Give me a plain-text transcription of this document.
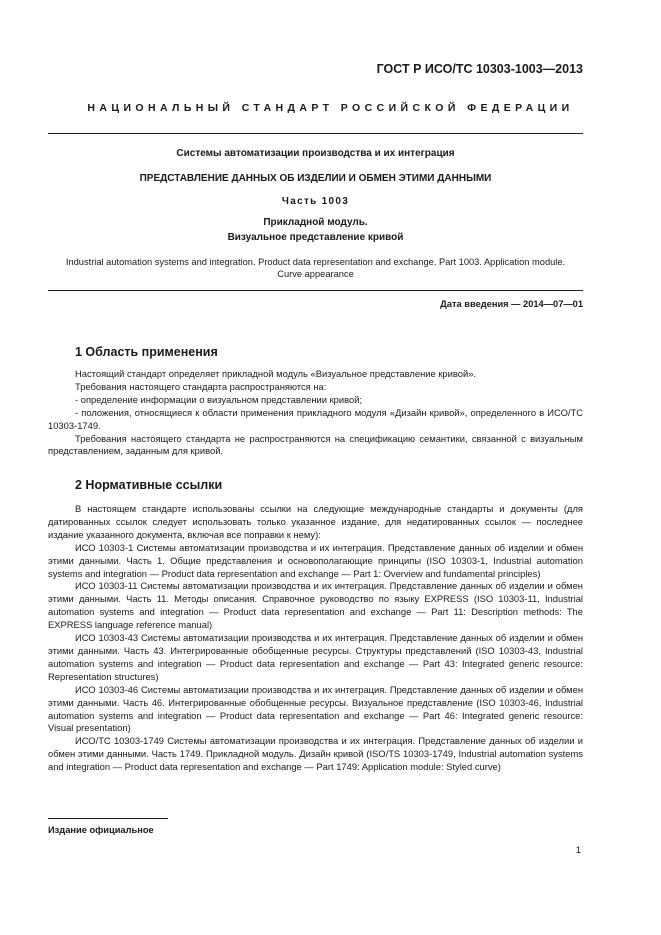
ГОСТ Р ИСО/ТС 10303-1003—2013
НАЦИОНАЛЬНЫЙ СТАНДАРТ РОССИЙСКОЙ ФЕДЕРАЦИИ
Системы автоматизации производства и их интеграция
ПРЕДСТАВЛЕНИЕ ДАННЫХ ОБ ИЗДЕЛИИ И ОБМЕН ЭТИМИ ДАННЫМИ
Часть 1003
Прикладной модуль.
Визуальное представление кривой
Industrial automation systems and integration. Product data representation and exchange. Part 1003. Application module. Curve appearance
Дата введения — 2014—07—01
1 Область применения

Настоящий стандарт определяет прикладной модуль «Визуальное представление кривой».

Требования настоящего стандарта распространяются на:

- определение информации о визуальном представлении кривой;

- положения, относящиеся к области применения прикладного модуля «Дизайн кривой», определенного в ИСО/ТС 10303-1749.

Требования настоящего стандарта не распространяются на спецификацию семантики, связанной с визуальным представлением, заданным для кривой.

2 Нормативные ссылки

В настоящем стандарте использованы ссылки на следующие международные стандарты и документы (для датированных ссылок следует использовать только указанное издание, для недатированных ссылок — последнее издание указанного документа, включая все поправки к нему):

ИСО 10303-1 Системы автоматизации производства и их интеграция. Представление данных об изделии и обмен этими данными. Часть 1. Общие представления и основополагающие принципы (ISO 10303-1, Industrial automation systems and integration — Product data representation and exchange — Part 1: Overview and fundamental principles)

ИСО 10303-11 Системы автоматизации производства и их интеграция. Представление данных об изделии и обмен этими данными. Часть 11. Методы описания. Справочное руководство по языку EXPRESS (ISO 10303-11, Industrial automation systems and integration — Product data representation and exchange — Part 11: Description methods: The EXPRESS language reference manual)

ИСО 10303-43 Системы автоматизации производства и их интеграция. Представление данных об изделии и обмен этими данными. Часть 43. Интегрированные обобщенные ресурсы. Структуры представлений (ISO 10303-43, Industrial automation systems and integration — Product data representation and exchange — Part 43: Integrated generic resource: Representation structures)

ИСО 10303-46 Системы автоматизации производства и их интеграция. Представление данных об изделии и обмен этими данными. Часть 46. Интегрированные обобщенные ресурсы. Визуальное представление (ISO 10303-46, Industrial automation systems and integration — Product data representation and exchange — Part 46: Integrated generic resource: Visual presentation)

ИСО/ТС 10303-1749 Системы автоматизации производства и их интеграция. Представление данных об изделии и обмен этими данными. Часть 1749. Прикладной модуль. Дизайн кривой (ISO/TS 10303-1749, Industrial automation systems and integration — Product data representation and exchange — Part 1749: Application module: Styled curve)

Издание официальное
1
